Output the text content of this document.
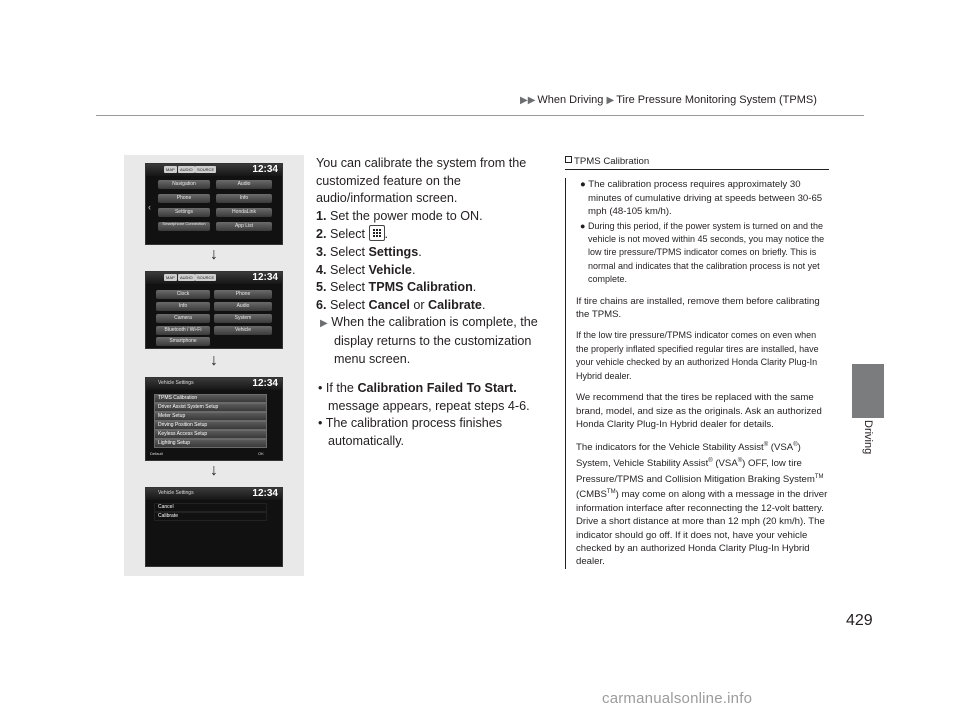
▶▶ When Driving ▶ Tire Pressure Monitoring System (TPMS)
Driving
MAP	AUDIO	SOURCE	12:34
‹
Navigation
Phone
Settings
Smartphone Connection
Audio
Info
HondaLink
App List
↓
MAP	AUDIO	SOURCE	12:34
Clock
Info
Camera
Bluetooth / Wi-Fi
Smartphone
Phone
Audio
System
Vehicle
↓
Vehicle Settings	12:34
TPMS Calibration
Driver Assist System Setup
Meter Setup
Driving Position Setup
Keyless Access Setup
Lighting Setup
Default	OK
↓
Vehicle Settings	12:34
Cancel
Calibrate

You can calibrate the system from the customized feature on the audio/information screen.

1. Set the power mode to ON.
2. Select .
3. Select Settings.
4. Select Vehicle.
5. Select TPMS Calibration.
6. Select Cancel or Calibrate.
▶ When the calibration is complete, the display returns to the customization menu screen.
• If the Calibration Failed To Start. message appears, repeat steps 4-6.
• The calibration process finishes automatically.
TPMS Calibration
● The calibration process requires approximately 30 minutes of cumulative driving at speeds between 30-65 mph (48-105 km/h).
● During this period, if the power system is turned on and the vehicle is not moved within 45 seconds, you may notice the low tire pressure/TPMS indicator comes on briefly. This is normal and indicates that the calibration process is not yet complete.

If tire chains are installed, remove them before calibrating the TPMS.

If the low tire pressure/TPMS indicator comes on even when the properly inflated specified regular tires are installed, have your vehicle checked by an authorized Honda Clarity Plug-In Hybrid dealer.

We recommend that the tires be replaced with the same brand, model, and size as the originals. Ask an authorized Honda Clarity Plug-In Hybrid dealer for details.

The indicators for the Vehicle Stability Assist® (VSA®) System, Vehicle Stability Assist® (VSA®) OFF, low tire Pressure/TPMS and Collision Mitigation Braking System™ (CMBS™) may come on along with a message in the driver information interface after reconnecting the 12-volt battery. Drive a short distance at more than 12 mph (20 km/h). The indicator should go off. If it does not, have your vehicle checked by an authorized Honda Clarity Plug-In Hybrid dealer.

429
carmanualsonline.info
